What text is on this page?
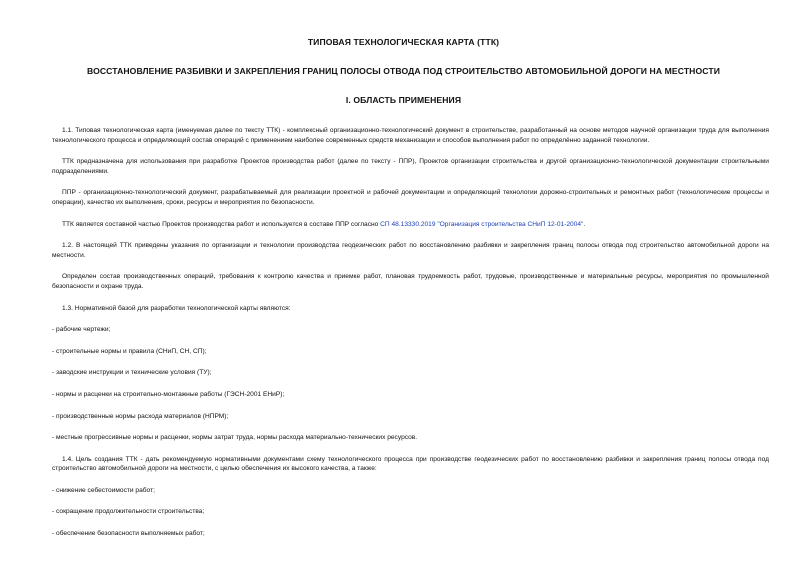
ТИПОВАЯ ТЕХНОЛОГИЧЕСКАЯ КАРТА (ТТК)

ВОССТАНОВЛЕНИЕ РАЗБИВКИ И ЗАКРЕПЛЕНИЯ ГРАНИЦ ПОЛОСЫ ОТВОДА ПОД СТРОИТЕЛЬСТВО АВТОМОБИЛЬНОЙ ДОРОГИ НА МЕСТНОСТИ

I. ОБЛАСТЬ ПРИМЕНЕНИЯ

1.1. Типовая технологическая карта (именуемая далее по тексту ТТК) - комплексный организационно-технологический документ в строительстве, разработанный на основе методов научной организации труда для выполнения технологического процесса и определяющий состав операций с применением наиболее современных средств механизации и способов выполнения работ по определённо заданной технологии.

ТТК предназначена для использования при разработке Проектов производства работ (далее по тексту - ППР), Проектов организации строительства и другой организационно-технологической документации строительными подразделениями.

ППР - организационно-технологический документ, разрабатываемый для реализации проектной и рабочей документации и определяющий технологии дорожно-строительных и ремонтных работ (технологические процессы и операции), качество их выполнения, сроки, ресурсы и мероприятия по безопасности.

ТТК является составной частью Проектов производства работ и используется в составе ППР согласно СП 48.13330.2019 "Организация строительства СНиП 12-01-2004".

1.2. В настоящей ТТК приведены указания по организации и технологии производства геодезических работ по восстановлению разбивки и закрепления границ полосы отвода под строительство автомобильной дороги на местности.

Определен состав производственных операций, требования к контролю качества и приемке работ, плановая трудоемкость работ, трудовые, производственные и материальные ресурсы, мероприятия по промышленной безопасности и охране труда.

1.3. Нормативной базой для разработки технологической карты являются:

- рабочие чертежи;

- строительные нормы и правила (СНиП, СН, СП);

- заводские инструкции и технические условия (ТУ);

- нормы и расценки на строительно-монтажные работы (ГЭСН-2001 ЕНиР);

- производственные нормы расхода материалов (НПРМ);

- местные прогрессивные нормы и расценки, нормы затрат труда, нормы расхода материально-технических ресурсов.

1.4. Цель создания ТТК - дать рекомендуемую нормативными документами схему технологического процесса при производстве геодезических работ по восстановлению разбивки и закрепления границ полосы отвода под строительство автомобильной дороги на местности, с целью обеспечения их высокого качества, а также:

- снижение себестоимости работ;

- сокращение продолжительности строительства;

- обеспечение безопасности выполняемых работ;
